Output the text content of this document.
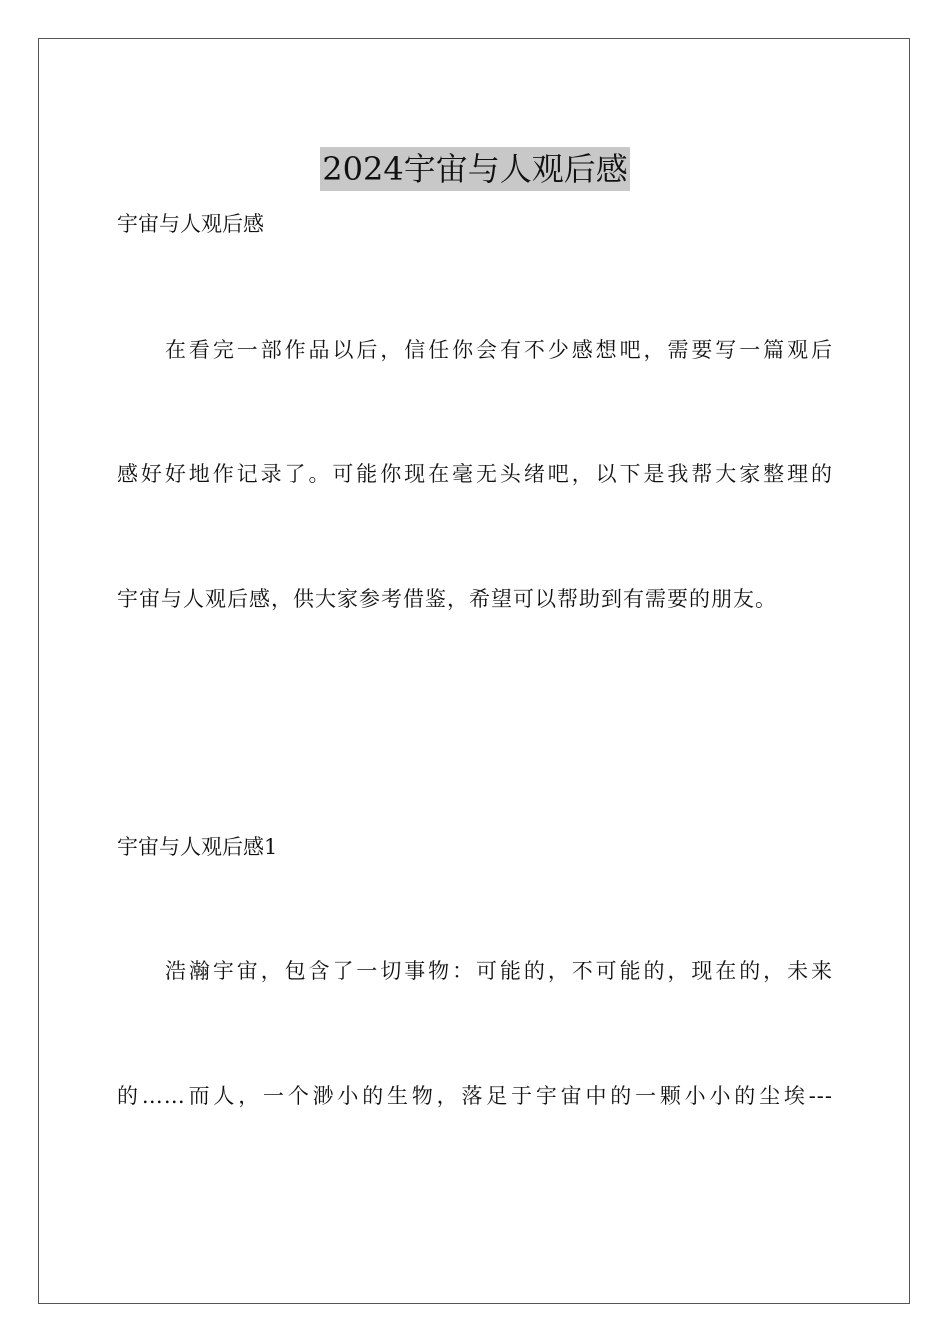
2024宇宙与人观后感
宇宙与人观后感
在看完一部作品以后，信任你会有不少感想吧，需要写一篇观后
感好好地作记录了。可能你现在毫无头绪吧，以下是我帮大家整理的
宇宙与人观后感，供大家参考借鉴，希望可以帮助到有需要的朋友。
宇宙与人观后感1
浩瀚宇宙，包含了一切事物：可能的，不可能的，现在的，未来
的……而人，一个渺小的生物，落足于宇宙中的一颗小小的尘埃---
